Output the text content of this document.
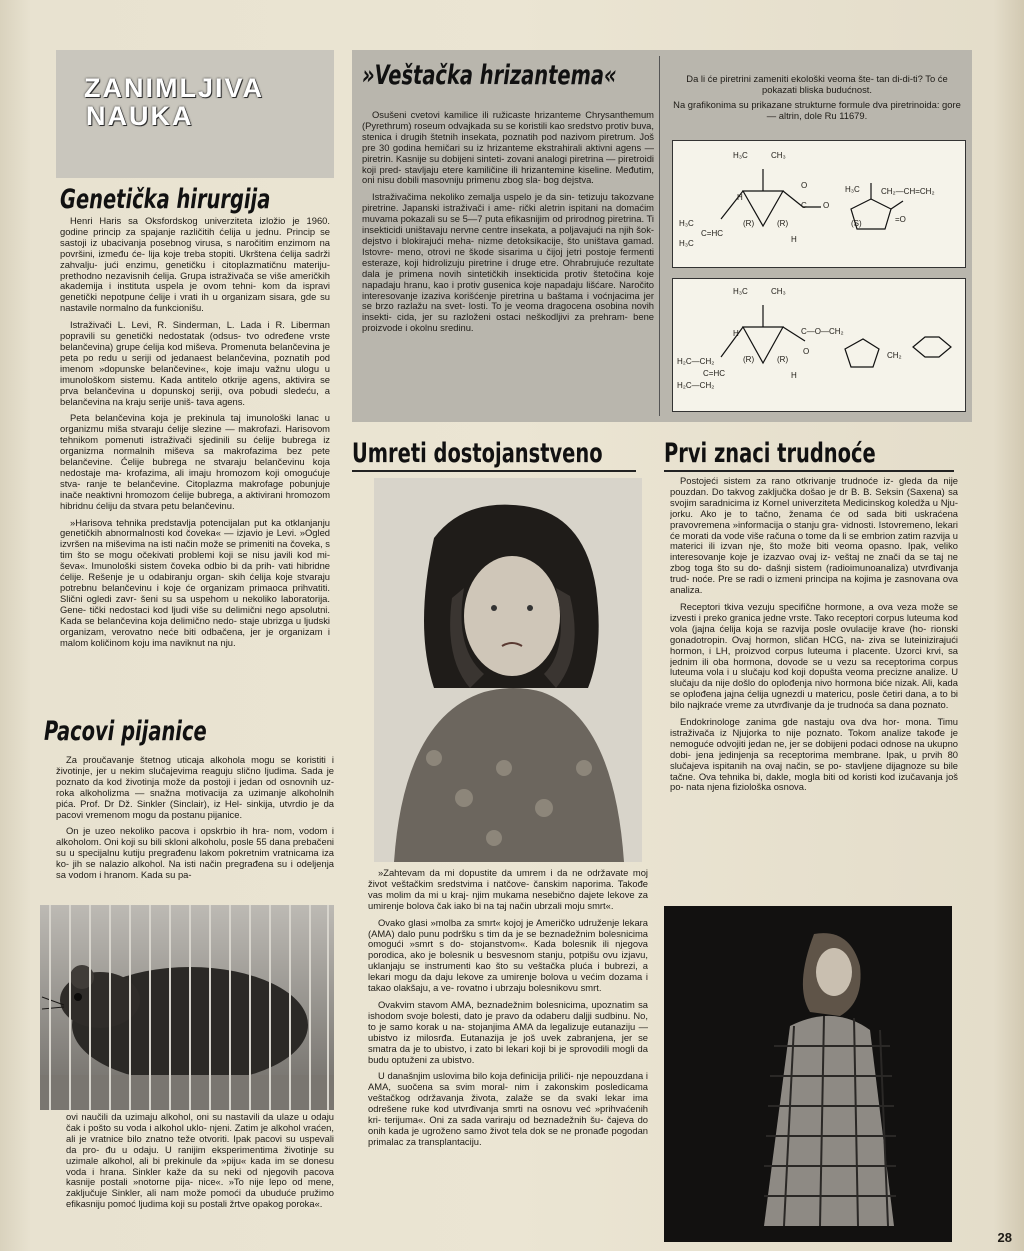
ZANIMLJIVA
NAUKA
Genetička hirurgija

Henri Haris sa Oksfordskog univerziteta izložio je 1960. godine princip za spajanje različitih ćelija u jednu. Princip se sastoji iz ubacivanja posebnog virusa, s naročitim enzimom na površini, između će- lija koje treba stopiti. Ukrštena ćelija sadrži zahvalju- jući enzimu, genetičku i citoplazmatičnu materiju- prethodno nezavisnih ćelija. Grupa istraživača se više američkih akademija i instituta uspela je ovom tehni- kom da ispravi genetički nepotpune ćelije i vrati ih u organizam sisara, gde su nastavile normalno da funkcionišu.

Istraživači L. Levi, R. Sinderman, L. Lada i R. Liberman popravili su genetički nedostatak (odsus- tvo određene vrste belančevina) grupe ćelija kod miševa. Promenuta belančevina je peta po redu u seriji od jedanaest belančevina, poznatih pod imenom »dopunske belančevine«, koje imaju važnu ulogu u imunološkom sistemu. Kada antitelo otkrije agens, aktivira se prva belančevina u dopunskoj seriji, ova pobudi sledeću, a belančevina na kraju serije uniš- tava agens.

Peta belančevina koja je prekinula taj imunološki lanac u organizmu miša stvaraju ćelije slezine — makrofazi. Harisovom tehnikom pomenuti istraživači sjedinili su ćelije bubrega iz organizma normalnih miševa sa makrofazima bez pete belančevine. Ćelije bubrega ne stvaraju belančevinu koja nedostaje ma- krofazima, ali imaju hromozom koji omogućuje stva- ranje te belančevine. Citoplazma makrofage pobunjuje inače neaktivni hromozom ćelije bubrega, a aktivirani hromozom hibridnu ćeliju da stvara petu belančevinu.

»Harisova tehnika predstavlja potencijalan put ka otklanjanju genetičkih abnormalnosti kod čoveka« — izjavio je Levi. »Ogled izvršen na miševima na isti način može se primeniti na čoveka, s tim što se mogu očekivati problemi koji se nisu javili kod mi- ševa«. Imunološki sistem čoveka odbio bi da prih- vati hibridne ćelije. Rešenje je u odabiranju organ- skih ćelija koje stvaraju potrebnu belančevinu i koje će organizam primaoca prihvatiti. Slični ogledi zavr- šeni su sa uspehom u nekoliko laboratorija. Gene- tički nedostaci kod ljudi više su delimični nego apsolutni. Kada se belančevina koja delimično nedo- staje ubrizga u ljudski organizam, verovatno neće biti odbačena, jer je organizam i malom količinom koju ima naviknut na nju.

Pacovi pijanice

Za proučavanje štetnog uticaja alkohola mogu se koristiti i životinje, jer u nekim slučajevima reaguju slično ljudima. Sada je poznato da kod životinja može da postoji i jedan od osnovnih uz- roka alkoholizma — snažna motivacija za uzimanje alkoholnih pića. Prof. Dr Dž. Sinkler (Sinclair), iz Hel- sinkija, utvrdio je da pacovi vremenom mogu da postanu pijanice.

On je uzeo nekoliko pacova i opskrbio ih hra- nom, vodom i alkoholom. Oni koji su bili skloni alkoholu, posle 55 dana prebačeni su u specijalnu kutiju pregrađenu lakom pokretnim vratnicama iza ko- jih se nalazio alkohol. Na isti način pregrađena su i odeljenja sa vodom i hranom. Kada su pa-

ovi naučili da uzimaju alkohol, oni su nastavili da ulaze u odaju čak i pošto su voda i alkohol uklo- njeni. Zatim je alkohol vraćen, ali je vratnice bilo znatno teže otvoriti. Ipak pacovi su uspevali da pro- đu u odaju. U ranijim eksperimentima životinje su uzimale alkohol, ali bi prekinule da »piju« kada im se donesu voda i hrana. Sinkler kaže da su neki od njegovih pacova kasnije postali »notorne pija- nice«. »To nije lepo od mene, zaključuje Sinkler, ali nam može pomoći da ubuduće pružimo efikasniju pomoć ljudima koji su postali žrtve opakog poroka«.

»Veštačka hrizantema«

Osušeni cvetovi kamilice ili ružicaste hrizanteme Chrysanthemum (Pyrethrum) roseum odvajkada su se koristili kao sredstvo protiv buva, stenica i drugih štetnih insekata, poznatih pod nazivom piretrum. Još pre 30 godina hemičari su iz hrizanteme ekstrahirali aktivni agens — piretrin. Kasnije su dobijeni sinteti- zovani analogi piretrina — piretroidi koji pred- stavljaju etere kamiličine ili hrizantemine kiseline. Međutim, oni nisu dobili masovniju primenu zbog sla- bog dejstva.

Istraživačima nekoliko zemalja uspelo je da sin- tetizuju takozvane piretrine. Japanski istraživači i ame- rički aletrin ispitani na domaćim muvama pokazali su se 5—7 puta efikasnijim od prirodnog piretrina. Ti insekticidi uništavaju nervne centre insekata, a poljavajući na njih šok-dejstvo i blokirajući meha- nizme detoksikacije, što uništava gamad. Istovre- meno, otrovi ne škode sisarima u čijoj jetri postoje fermenti esteraze, koji hidrolizuju piretrine i druge etre. Ohrabrujuće rezultate dala je primena novih sintetičkih insekticida protiv štetočina koje napadaju hranu, kao i protiv gusenica koje napadaju lišćare. Naročito interesovanje izaziva korišćenje piretrina u baštama i voćnjacima jer se brzo razlažu na svet- losti. To je veoma dragocena osobina novih insekti- cida, jer su razloženi ostaci neškodljivi za prehram- bene proizvode i okolnu sredinu.

Da li će piretrini zameniti ekološki veoma šte- tan di-di-ti? To će pokazati bliska budućnost.

Na grafikonima su prikazane strukturne formule dva piretrinoida: gore — altrin, dole Ru 11679.

H₃C	CH₃
H
O
C O
(R)	(R)
H
H₃C
(S)
CH₂—CH=CH₂
=O
H₃C
H₃C
C=HC
H₃C	CH₃
H	C—O—CH₂
O
(R)	(R)
H
H₂C—CH₂
C=HC
H₂C—CH₂
CH₂
Umreti dostojanstveno

»Zahtevam da mi dopustite da umrem i da ne održavate moj život veštačkim sredstvima i natčove- čanskim naporima. Takođe vas molim da mi u kraj- njim mukama nesebično dajete lekove za umirenje bolova čak iako bi na taj način ubrzali moju smrt«.

Ovako glasi »molba za smrt« kojoj je Američko udruženje lekara (AMA) dalo punu podršku s tim da je se beznadežnim bolesnicima omogući »smrt s do- stojanstvom«. Kada bolesnik ili njegova porodica, ako je bolesnik u besvesnom stanju, potpišu ovu izjavu, uklanjaju se instrumenti kao što su veštačka pluća i bubrezi, a lekari mogu da daju lekove za umirenje bolova u većim dozama i takao olakšaju, a ve- rovatno i ubrzaju bolesnikovu smrt.

Ovakvim stavom AMA, beznadežnim bolesnicima, upoznatim sa ishodom svoje bolesti, dato je pravo da odaberu daljji sudbinu. No, to je samo korak u na- stojanjima AMA da legalizuje eutanaziju — ubistvo iz milosrđa. Eutanazija je još uvek zabranjena, jer se smatra da je to ubistvo, i zato bi lekari koji bi je sprovodili mogli da budu optuženi za ubistvo.

U današnjim uslovima bilo koja definicija priliči- nje nepouzdana i AMA, suočena sa svim moral- nim i zakonskim posledicama veštačkog održavanja života, zalaže se da svaki lekar ima odrešene ruke kod utvrđivanja smrti na osnovu već »prihvaćenih kri- terijuma«. Oni za sada variraju od beznadežnih šu- čajeva do onih kada je ugroženo samo život tela dok se ne pronađe pogodan primalac za transplantaciju.

Prvi znaci trudnoće

Postojeći sistem za rano otkrivanje trudnoće iz- gleda da nije pouzdan. Do takvog zaključka došao je dr B. B. Seksin (Saxena) sa svojim saradnicima iz Kornel univerziteta Medicinskog koledža u Nju- jorku. Ako je to tačno, ženama će od sada biti uskraćena pravovremena »informacija o stanju gra- vidnosti. Istovremeno, lekari će morati da vode više računa o tome da li se embrion zatim razvija u materici ili izvan nje, što može biti veoma opasno. Ipak, veliko interesovanje koje je izazvao ovaj iz- veštaj ne znači da se taj ne zbog toga što su do- dašnji sistem (radioimunoanaliza) utvrđivanja trud- noće. Pre se radi o izmeni principa na kojima je zasnovana ova analiza.

Receptori tkiva vezuju specifične hormone, a ova veza može se izvesti i preko granica jedne vrste. Tako receptori corpus luteuma kod vola (jajna ćelija koja se razvija posle ovulacije krave (ho- rionski gonadotropin. Ovaj hormon, sličan HCG, na- ziva se luteinizirajući hormon, i LH, proizvod corpus luteuma i placente. Uzorci krvi, sa jednim ili oba hormona, dovode se u vezu sa receptorima corpus luteuma vola i u slučaju kod koji dopušta veoma precizne analize. U slučaju da nije došlo do oplođenja nivo hormona biće nizak. Ali, kada se oplođena jajna ćelija ugnezdi u matericu, posle četiri dana, a to bi bilo najkraće vreme za utvrđivanje da je trudnoća sa dana poznato.

Endokrinologe zanima gde nastaju ova dva hor- mona. Timu istraživača iz Njujorka to nije poznato. Tokom analize takođe je nemoguće odvojiti jedan ne, jer se dobijeni podaci odnose na ukupno dobi- jena jedinjenja sa receptorima membrane. Ipak, u prvih 80 slučajeva ispitanih na ovaj način, se po- stavljene dijagnoze su bile tačne. Ova tehnika bi, dakle, mogla biti od koristi kod izučavanja još po- nata njena fiziološka osnova.

28
